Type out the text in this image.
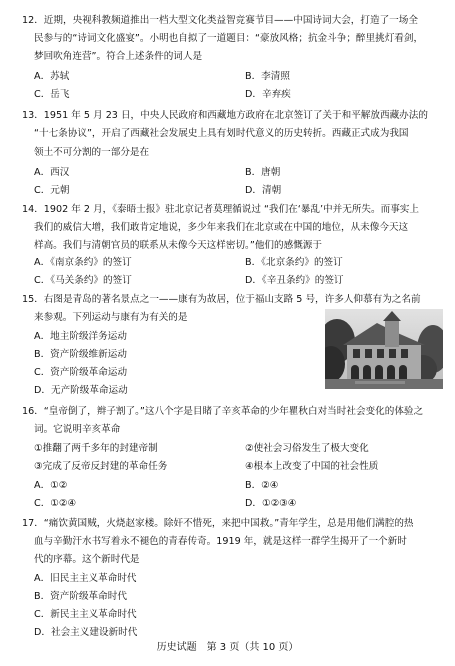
12．近期，央视科教频道推出一档大型文化类益智竞赛节目——中国诗词大会，打造了一场全
民参与的“诗词文化盛宴”。小明也自拟了一道题目：“豪放风格；抗金斗争；醉里挑灯看剑，
梦回吹角连营”。符合上述条件的词人是
A．苏轼	B．李清照
C．岳飞	D．辛弃疾
13．1951 年 5 月 23 日，中央人民政府和西藏地方政府在北京签订了关于和平解放西藏办法的
“十七条协议”，开启了西藏社会发展史上具有划时代意义的历史转折。西藏正式成为我国
领土不可分割的一部分是在
A．西汉	B．唐朝
C．元朝	D．清朝
14．1902 年 2 月，《泰晤士报》驻北京记者莫理循说过 “我们在‘暴乱’中并无所失。而事实上
我们的威信大增，我们敢肯定地说，多少年来我们在北京或在中国的地位，从未像今天这
样高。我们与清朝官员的联系从未像今天这样密切。”他们的感慨源于
A．《南京条约》的签订	B．《北京条约》的签订
C．《马关条约》的签订	D．《辛丑条约》的签订
15．右图是青岛的著名景点之一——康有为故居，位于福山支路 5 号，许多人仰慕有为之名前
来参观。下列运动与康有为有关的是
A．地主阶级洋务运动
B．资产阶级维新运动
C．资产阶级革命运动
D．无产阶级革命运动
16．“皇帝倒了，辫子割了。”这八个字是目睹了辛亥革命的少年瞿秋白对当时社会变化的体验之
词。它说明辛亥革命
①推翻了两千多年的封建帝制	②使社会习俗发生了极大变化
③完成了反帝反封建的革命任务	④根本上改变了中国的社会性质
A．①②	B．②④
C．①②④	D．①②③④
17．“痛饮黄国贼，火烧赵家楼。除奸不惜死，来把中国救。”青年学生，总是用他们满腔的热
血与辛勤汗水书写着永不褪色的青春传奇。1919 年，就是这样一群学生揭开了一个新时
代的序幕。这个新时代是
A．旧民主主义革命时代
B．资产阶级革命时代
C．新民主主义革命时代
D．社会主义建设新时代
历史试题　第 3 页（共 10 页）
